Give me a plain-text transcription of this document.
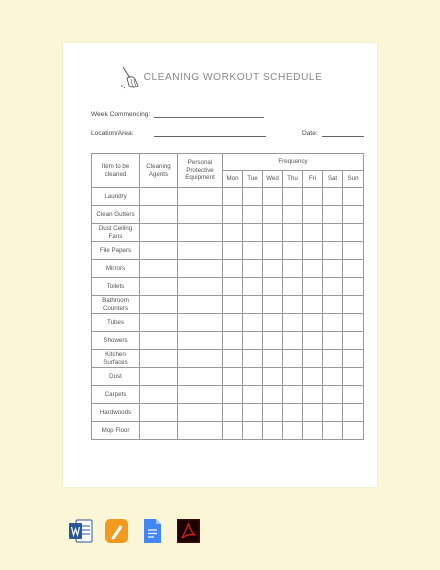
CLEANING WORKOUT SCHEDULE
Week Commencing:
Location/Area:	Date:
Item to be cleaned	Cleaning Agents	Personal Protective Equipment	Frequency						
			Mon	Tue	Wed	Thu	Fri	Sat	Sun
Laundry									
Clean Gutters									
Dust Ceiling Fans									
File Papers									
Mirrors									
Toilets									
Bathroom Counters									
Tubes									
Showers									
Kitchen Surfaces									
Dust									
Carpets									
Hardwoods									
Mop Floor									
